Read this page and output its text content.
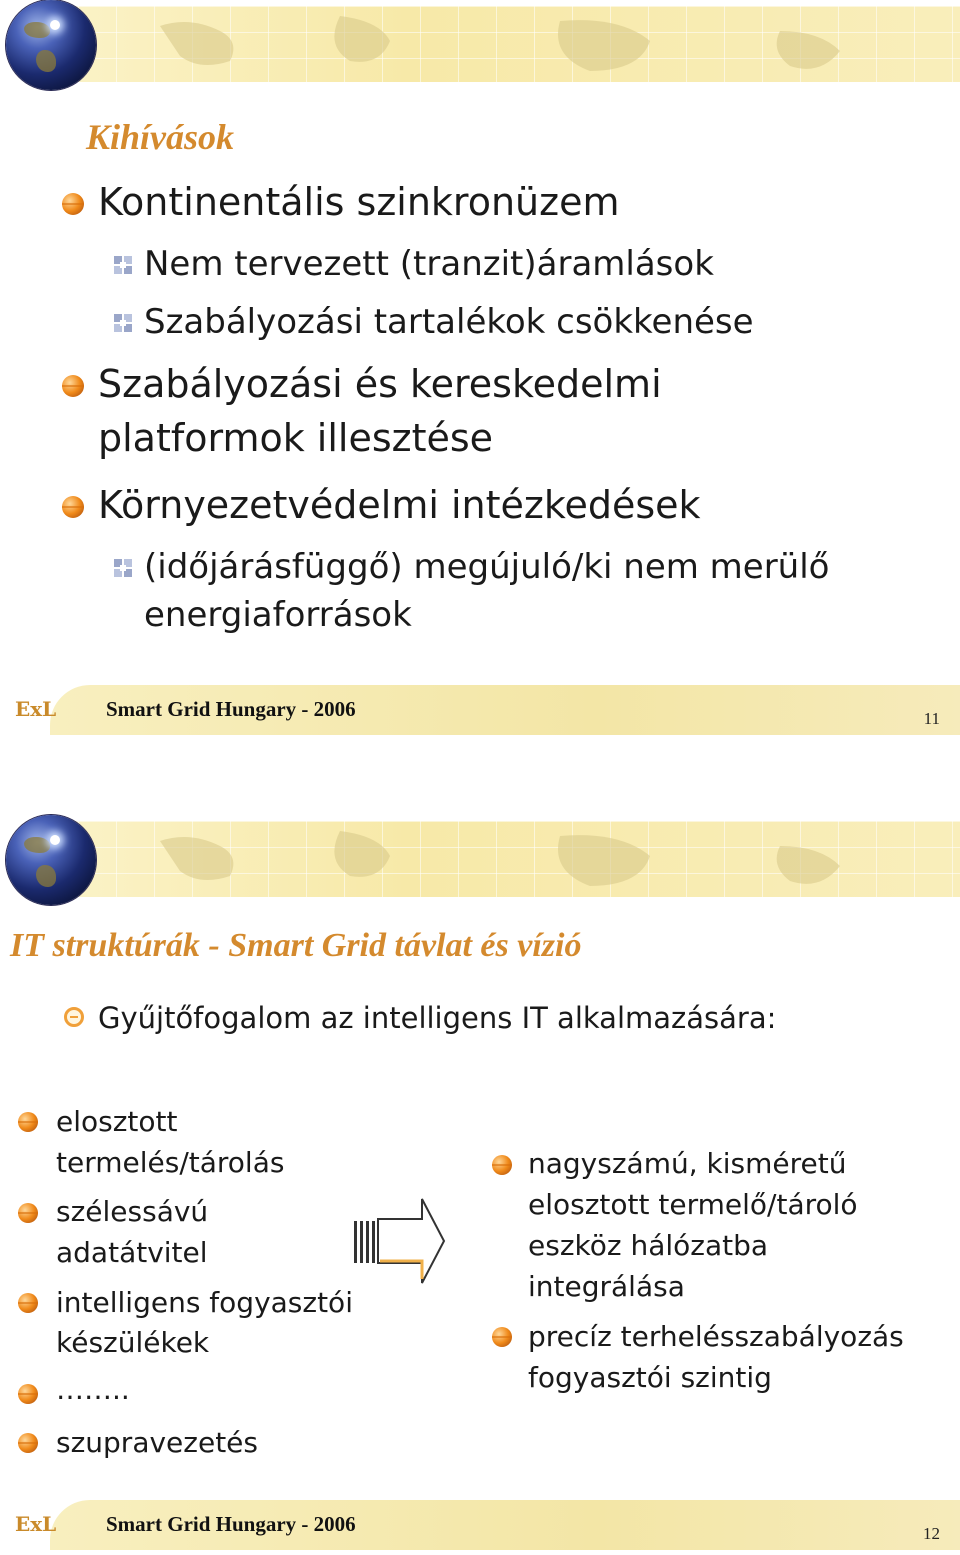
Kihívások
Kontinentális szinkronüzem
Nem tervezett (tranzit)áramlások
Szabályozási tartalékok csökkenése
Szabályozási és kereskedelmi
platformok illesztése
Környezetvédelmi intézkedések
(időjárásfüggő) megújuló/ki nem merülő
energiaforrások
ExL Smart Grid Hungary - 2006	11
IT struktúrák - Smart Grid távlat és vízió
Gyűjtőfogalom az intelligens IT alkalmazására:
elosztott
termelés/tárolás
szélessávú
adatátvitel
intelligens fogyasztói
készülékek
……..
szupravezetés
nagyszámú, kisméretű
elosztott termelő/tároló
eszköz hálózatba
integrálása
precíz terhelésszabályozás
fogyasztói szintig
ExL Smart Grid Hungary - 2006	12
